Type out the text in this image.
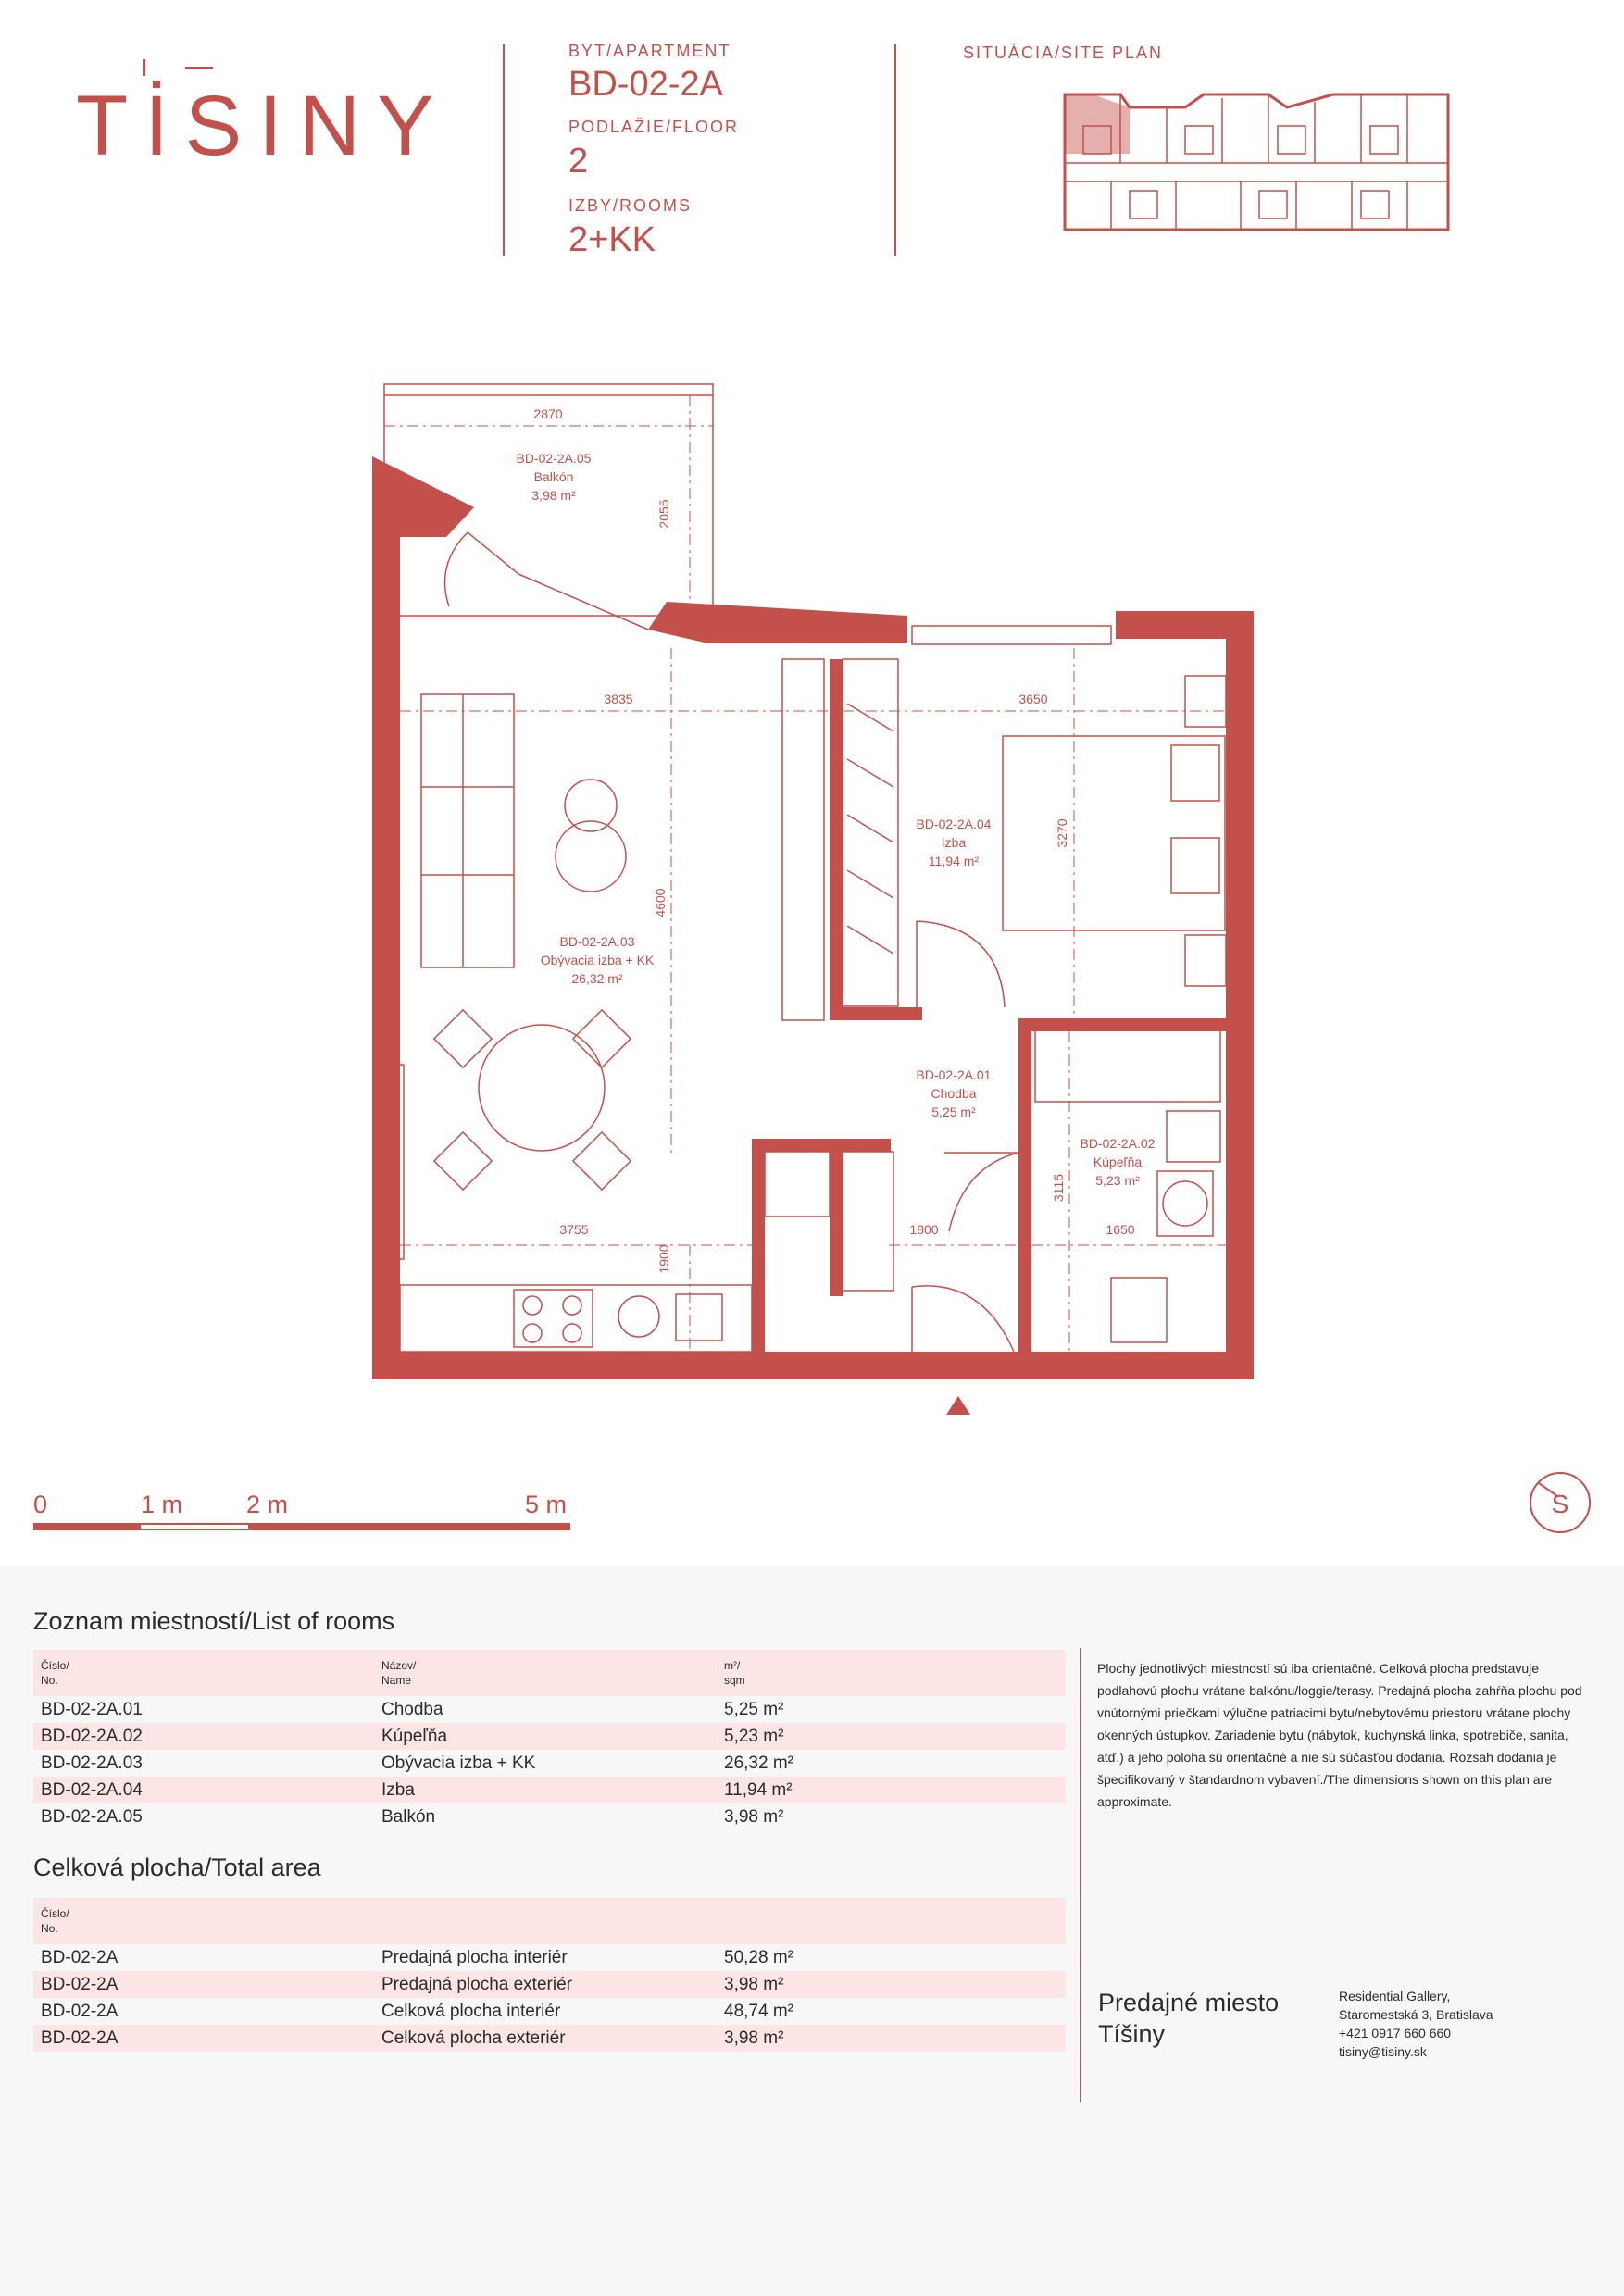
TİSINY
BYT/APARTMENT
BD-02-2A
PODLAŽIE/FLOOR
2
IZBY/ROOMS
2+KK
SITUÁCIA/SITE PLAN
BD-02-2A.05
Balkón
3,98 m²
BD-02-2A.03
Obývacia izba + KK
26,32 m²
BD-02-2A.04
Izba
11,94 m²
BD-02-2A.01
Chodba
5,25 m²
BD-02-2A.02
Kúpeľňa
5,23 m²
2870
2055
3835	3650
4600
3270
3755
1900
1800
3115
1650
0	1 m	2 m	5 m	S
Zoznam miestností/List of rooms
Číslo/
No.
Názov/
Name
m²/
sqm
BD-02-2A.01	Chodba	5,25 m²
BD-02-2A.02	Kúpeľňa	5,23 m²
BD-02-2A.03	Obývacia izba + KK	26,32 m²
BD-02-2A.04	Izba	11,94 m²
BD-02-2A.05	Balkón	3,98 m²
Celková plocha/Total area
Číslo/
No.
BD-02-2A	Predajná plocha interiér	50,28 m²
BD-02-2A	Predajná plocha exteriér	3,98 m²
BD-02-2A	Celková plocha interiér	48,74 m²
BD-02-2A	Celková plocha exteriér	3,98 m²
Plochy jednotlivých miestností sú iba orientačné. Celková plocha predstavuje podlahovú plochu vrátane balkónu/loggie/terasy. Predajná plocha zahŕňa plochu pod vnútornými priečkami výlučne patriacimi bytu/nebytovému priestoru vrátane plochy okenných ústupkov. Zariadenie bytu (nábytok, kuchynská linka, spotrebiče, sanita, atď.) a jeho poloha sú orientačné a nie sú súčasťou dodania. Rozsah dodania je špecifikovaný v štandardnom vybavení./The dimensions shown on this plan are approximate.
Predajné miesto
Tíšiny
Residential Gallery,
Staromestská 3, Bratislava
+421 0917 660 660
tisiny@tisiny.sk
